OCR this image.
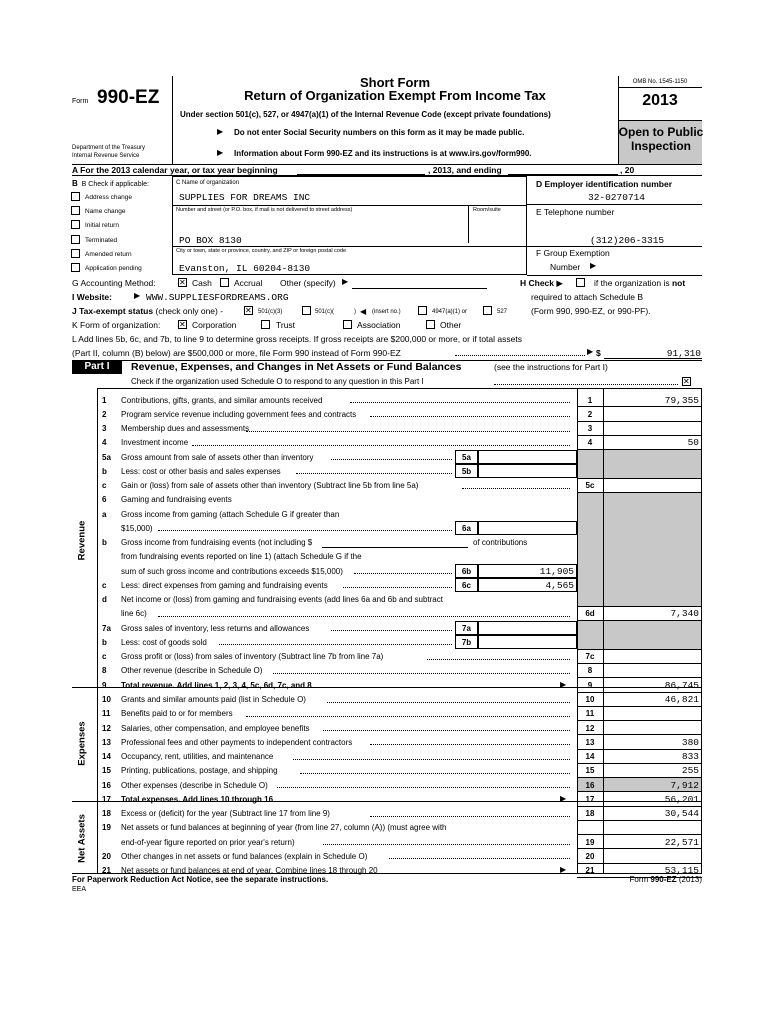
Form 990-EZ
Department of the Treasury
Internal Revenue Service
Short Form
Return of Organization Exempt From Income Tax
Under section 501(c), 527, or 4947(a)(1) of the Internal Revenue Code (except private foundations)
▶ Do not enter Social Security numbers on this form as it may be made public.
▶ Information about Form 990-EZ and its instructions is at www.irs.gov/form990.
OMB No. 1545-1150
2013
Open to Public
Inspection
A For the 2013 calendar year, or tax year beginning	, 2013, and ending	, 20
B B Check if applicable:
Address change
Name change
Initial return
Terminated
Amended return
Application pending
C Name of organization
SUPPLIES FOR DREAMS INC
Number and street (or P.O. box, if mail is not delivered to street address)	Room/suite
PO BOX 8130
City or town, state or province, country, and ZIP or foreign postal code
Evanston, IL 60204-8130
D Employer identification number
32-0270714
E Telephone number
(312)206-3315
F Group Exemption
Number ▶
G Accounting Method: ✕	Cash	Accrual Other (specify) ▶	H Check ▶	if the organization is not
required to attach Schedule B
(Form 990, 990-EZ, or 990-PF).
I Website:	▶ WWW.SUPPLIESFORDREAMS.ORG
J Tax-exempt status (check only one) - ✕	501(c)(3)	501(c)(	) ◀ (insert no.)	4947(a)(1) or	527
K Form of organization: ✕	Corporation	Trust	Association	Other
L Add lines 5b, 6c, and 7b, to line 9 to determine gross receipts. If gross receipts are $200,000 or more, or if total assets
(Part II, column (B) below) are $500,000 or more, file Form 990 instead of Form 990-EZ	▶ $	91,310
Part I	Revenue, Expenses, and Changes in Net Assets or Fund Balances	(see the instructions for Part I)
Check if the organization used Schedule O to respond to any question in this Part I
✕
Revenue
Expenses
Net Assets
1 Contributions, gifts, grants, and similar amounts received	1	79,355
2 Program service revenue including government fees and contracts	2
3 Membership dues and assessments	3
4 Investment income	4	50
5a Gross amount from sale of assets other than inventory	5a
b Less: cost or other basis and sales expenses	5b
c Gain or (loss) from sale of assets other than inventory (Subtract line 5b from line 5a)	5c
6 Gaming and fundraising events
a Gross income from gaming (attach Schedule G if greater than
$15,000)	6a
b Gross income from fundraising events (not including $	of contributions
from fundraising events reported on line 1) (attach Schedule G if the
sum of such gross income and contributions exceeds $15,000)	6b	11,905
c Less: direct expenses from gaming and fundraising events	6c	4,565
d Net income or (loss) from gaming and fundraising events (add lines 6a and 6b and subtract
line 6c)	6d	7,340
7a Gross sales of inventory, less returns and allowances	7a
b Less: cost of goods sold	7b
c Gross profit or (loss) from sales of inventory (Subtract line 7b from line 7a)	7c
8 Other revenue (describe in Schedule O)	8
9 Total revenue. Add lines 1, 2, 3, 4, 5c, 6d, 7c, and 8	▶	9	86,745
10 Grants and similar amounts paid (list in Schedule O)	10	46,821
11 Benefits paid to or for members	11
12 Salaries, other compensation, and employee benefits	12
13 Professional fees and other payments to independent contractors	13	380
14 Occupancy, rent, utilities, and maintenance	14	833
15 Printing, publications, postage, and shipping	15	255
16 Other expenses (describe in Schedule O)	16	7,912
17 Total expenses. Add lines 10 through 16	▶	17	56,201
18 Excess or (deficit) for the year (Subtract line 17 from line 9)	18	30,544
19 Net assets or fund balances at beginning of year (from line 27, column (A)) (must agree with
end-of-year figure reported on prior year's return)	19	22,571
20 Other changes in net assets or fund balances (explain in Schedule O)	20
21 Net assets or fund balances at end of year. Combine lines 18 through 20	▶	21	53,115
For Paperwork Reduction Act Notice, see the separate instructions.
EEA
Form 990-EZ (2013)
